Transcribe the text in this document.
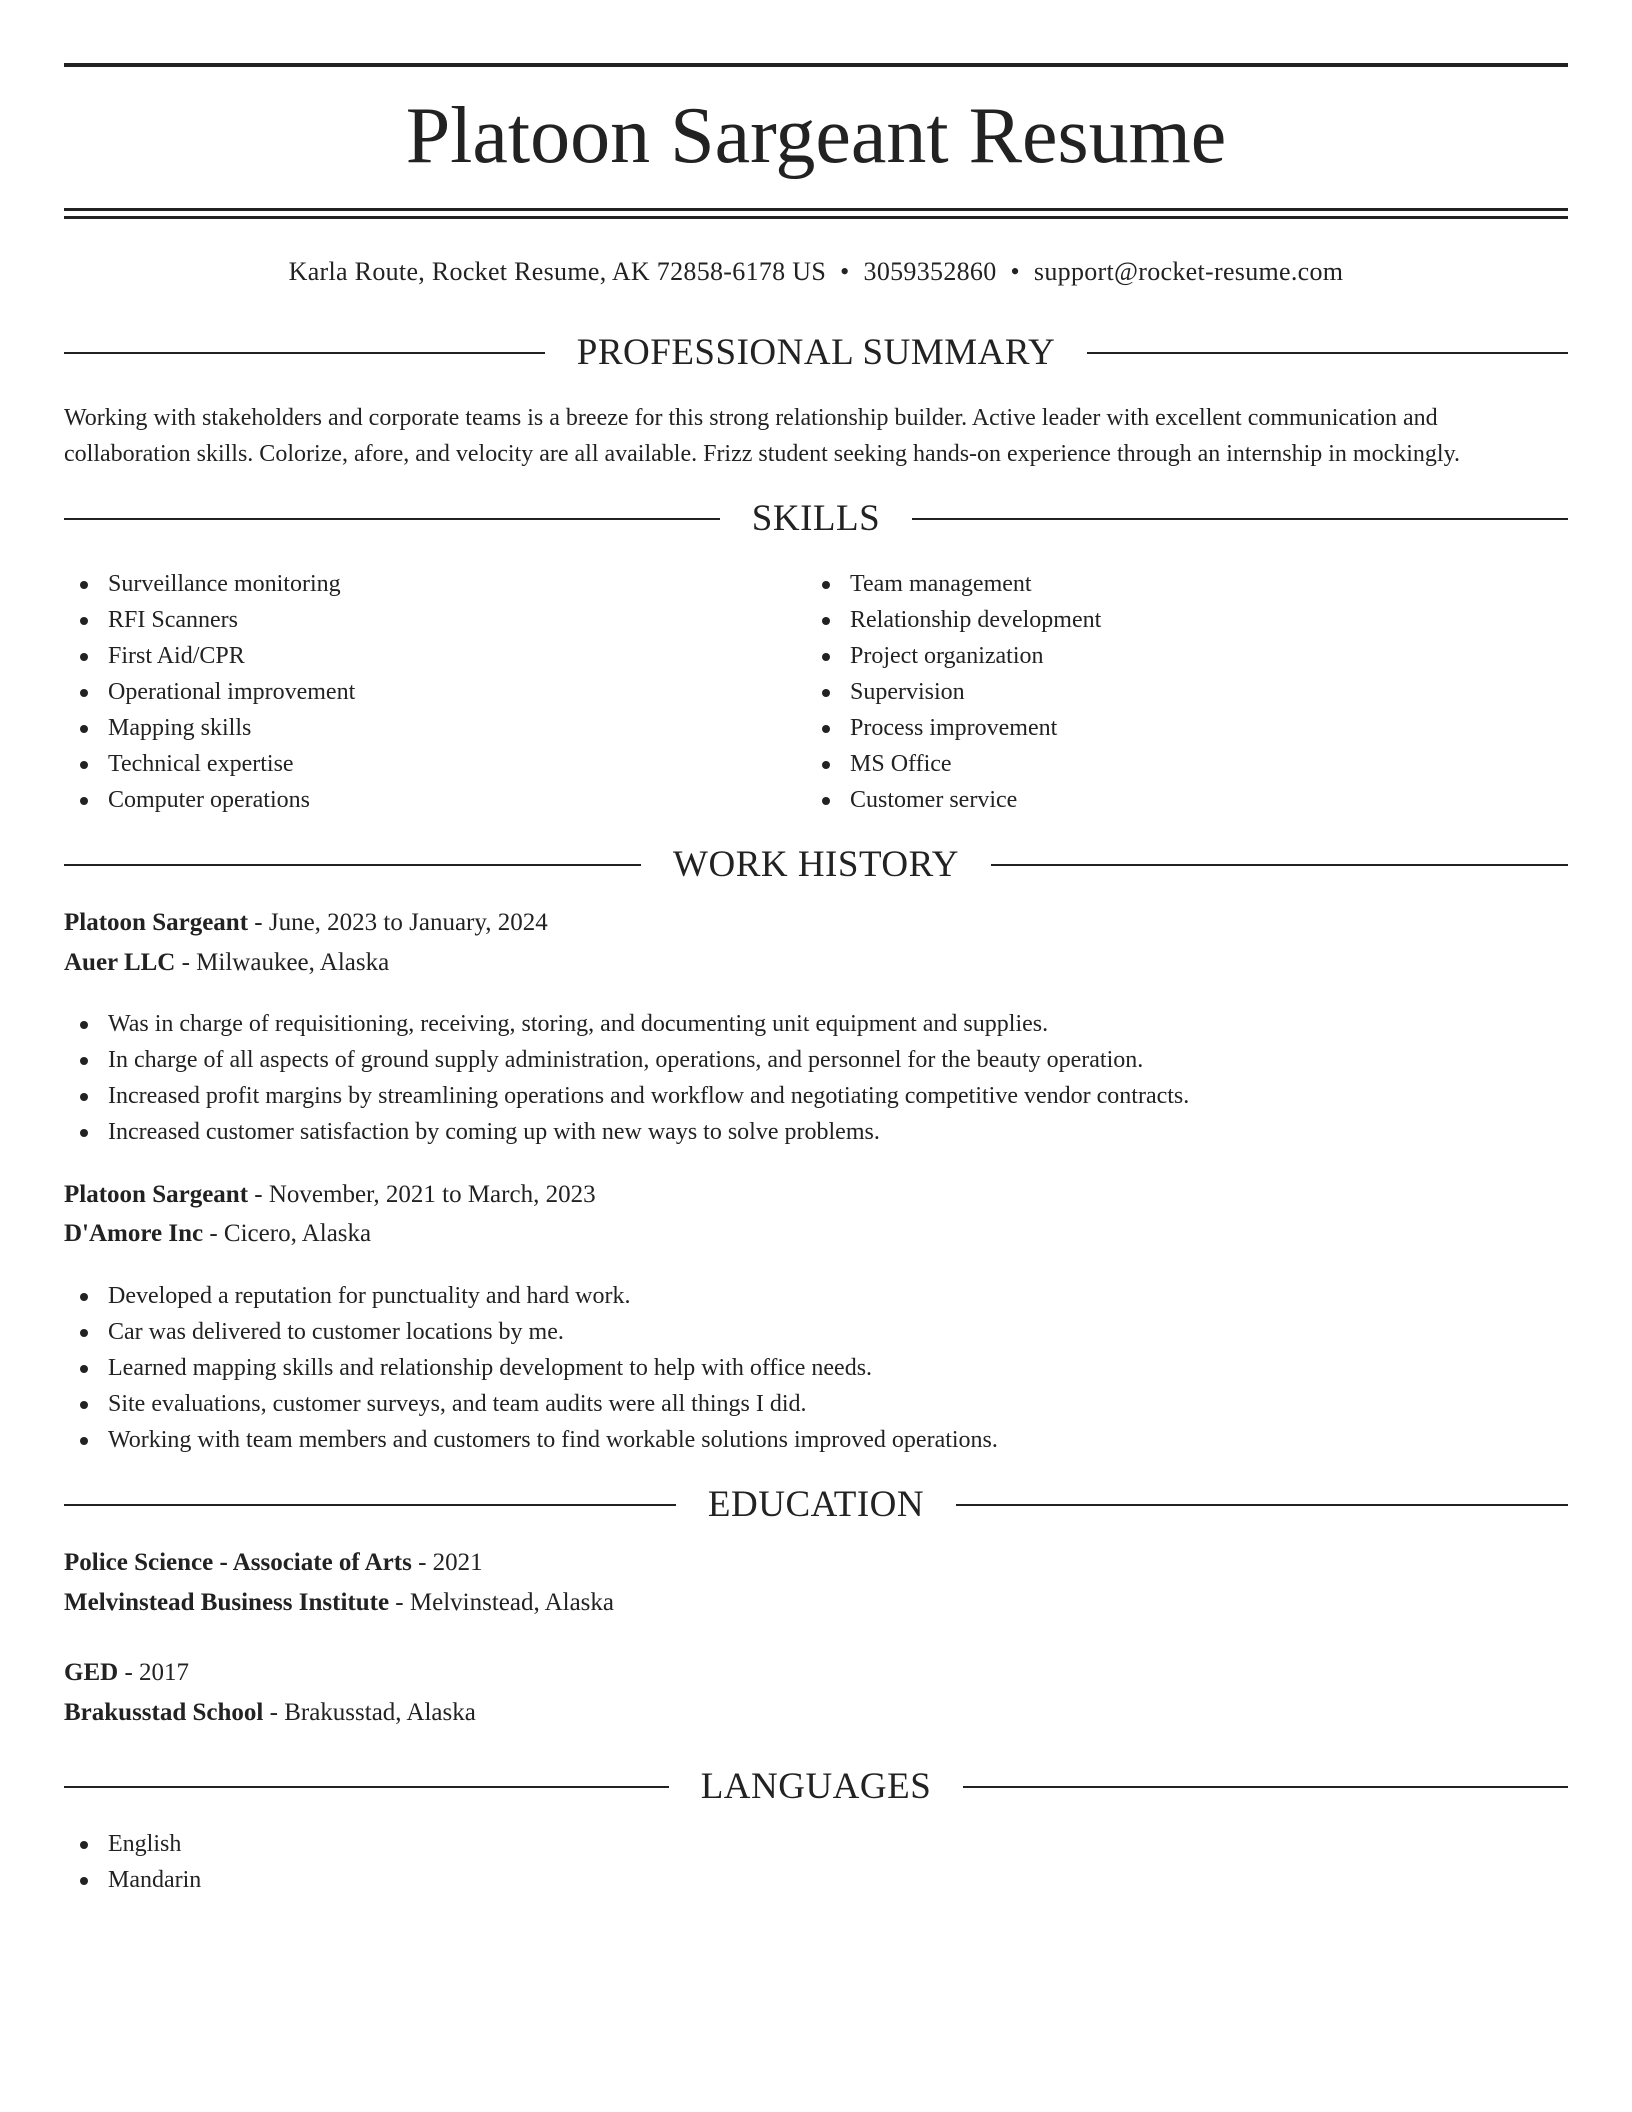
Platoon Sargeant Resume
Karla Route, Rocket Resume, AK 72858-6178 US • 3059352860 • support@rocket-resume.com
PROFESSIONAL SUMMARY

Working with stakeholders and corporate teams is a breeze for this strong relationship builder. Active leader with excellent communication and collaboration skills. Colorize, afore, and velocity are all available. Frizz student seeking hands-on experience through an internship in mockingly.

SKILLS
Surveillance monitoring
RFI Scanners
First Aid/CPR
Operational improvement
Mapping skills
Technical expertise
Computer operations
Team management
Relationship development
Project organization
Supervision
Process improvement
MS Office
Customer service
WORK HISTORY
Platoon Sargeant - June, 2023 to January, 2024
Auer LLC - Milwaukee, Alaska
Was in charge of requisitioning, receiving, storing, and documenting unit equipment and supplies.
In charge of all aspects of ground supply administration, operations, and personnel for the beauty operation.
Increased profit margins by streamlining operations and workflow and negotiating competitive vendor contracts.
Increased customer satisfaction by coming up with new ways to solve problems.
Platoon Sargeant - November, 2021 to March, 2023
D'Amore Inc - Cicero, Alaska
Developed a reputation for punctuality and hard work.
Car was delivered to customer locations by me.
Learned mapping skills and relationship development to help with office needs.
Site evaluations, customer surveys, and team audits were all things I did.
Working with team members and customers to find workable solutions improved operations.
EDUCATION
Police Science - Associate of Arts - 2021
Melvinstead Business Institute - Melvinstead, Alaska
GED - 2017
Brakusstad School - Brakusstad, Alaska
LANGUAGES
English
Mandarin
